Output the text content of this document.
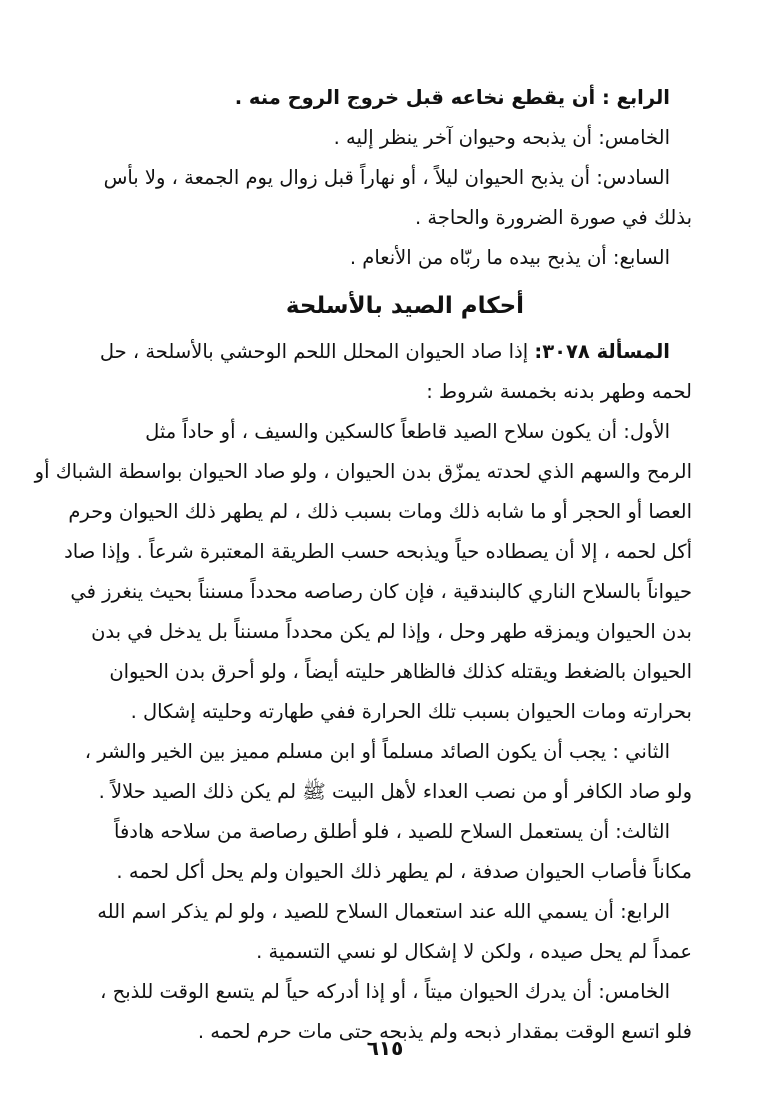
الرابع : أن يقطع نخاعه قبل خروج الروح منه .
الخامس: أن يذبحه وحيوان آخر ينظر إليه .
السادس: أن يذبح الحيوان ليلاً ، أو نهاراً قبل زوال يوم الجمعة ، ولا بأس
بذلك في صورة الضرورة والحاجة .
السابع: أن يذبح بيده ما ربّاه من الأنعام .
أحكام الصيد بالأسلحة
المسألة ٣٠٧٨: إذا صاد الحيوان المحلل اللحم الوحشي بالأسلحة ، حل
لحمه وطهر بدنه بخمسة شروط :
الأول: أن يكون سلاح الصيد قاطعاً كالسكين والسيف ، أو حاداً مثل
الرمح والسهم الذي لحدته يمزّق بدن الحيوان ، ولو صاد الحيوان بواسطة الشباك أو
العصا أو الحجر أو ما شابه ذلك ومات بسبب ذلك ، لم يطهر ذلك الحيوان وحرم
أكل لحمه ، إلا أن يصطاده حياً ويذبحه حسب الطريقة المعتبرة شرعاً . وإذا صاد
حيواناً بالسلاح الناري كالبندقية ، فإن كان رصاصه محدداً مسنناً بحيث ينغرز في
بدن الحيوان ويمزقه طهر وحل ، وإذا لم يكن محدداً مسنناً بل يدخل في بدن
الحيوان بالضغط ويقتله كذلك فالظاهر حليته أيضاً ، ولو أحرق بدن الحيوان
بحرارته ومات الحيوان بسبب تلك الحرارة ففي طهارته وحليته إشكال .
الثاني : يجب أن يكون الصائد مسلماً أو ابن مسلم مميز بين الخير والشر ،
ولو صاد الكافر أو من نصب العداء لأهل البيت ﷺ لم يكن ذلك الصيد حلالاً .
الثالث: أن يستعمل السلاح للصيد ، فلو أطلق رصاصة من سلاحه هادفاً
مكاناً فأصاب الحيوان صدفة ، لم يطهر ذلك الحيوان ولم يحل أكل لحمه .
الرابع: أن يسمي الله عند استعمال السلاح للصيد ، ولو لم يذكر اسم الله
عمداً لم يحل صيده ، ولكن لا إشكال لو نسي التسمية .
الخامس: أن يدرك الحيوان ميتاً ، أو إذا أدركه حياً لم يتسع الوقت للذبح ،
فلو اتسع الوقت بمقدار ذبحه ولم يذبحه حتى مات حرم لحمه .
٦١٥
